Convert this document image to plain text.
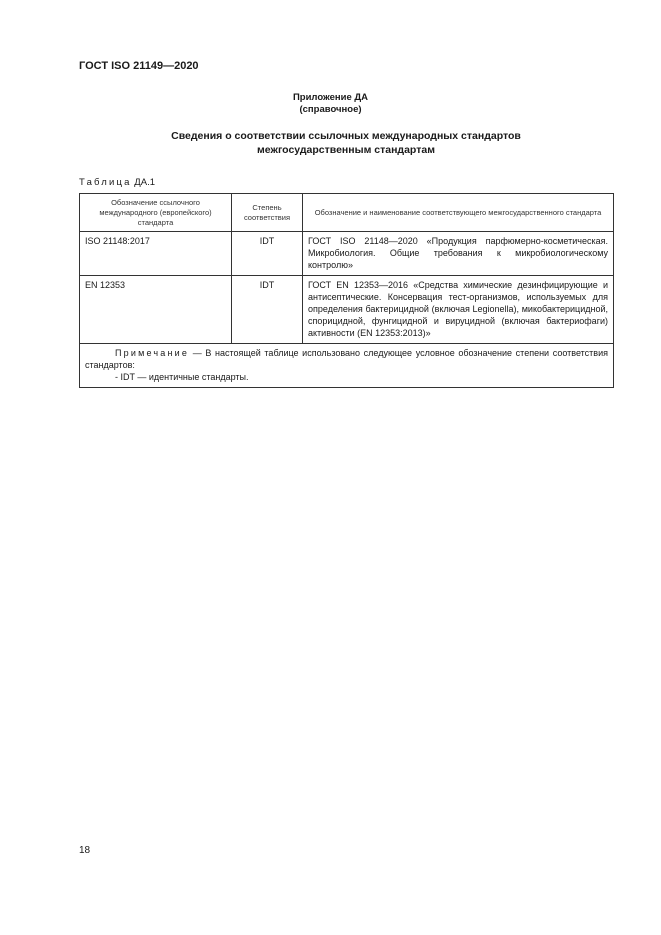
ГОСТ ISO 21149—2020
Приложение ДА
(справочное)
Сведения о соответствии ссылочных международных стандартов
межгосударственным стандартам
Таблица ДА.1
Обозначение ссылочного международного (европейского) стандарта	Степень соответствия	Обозначение и наименование соответствующего межгосударственного стандарта

ISO 21148:2017	IDT	ГОСТ ISO 21148—2020 «Продукция парфюмерно-косметическая. Микробиология. Общие требования к микробиологическому контролю»
EN 12353	IDT	ГОСТ EN 12353—2016 «Средства химические дезинфицирующие и антисептические. Консервация тест-организмов, используемых для определения бактерицидной (включая Legionella), микобактерицидной, спорицидной, фунгицидной и вируцидной (включая бактериофаги) активности (EN 12353:2013)»

Примечание — В настоящей таблице использовано следующее условное обозначение степени соответствия стандартов:
- IDT — идентичные стандарты.		
18
